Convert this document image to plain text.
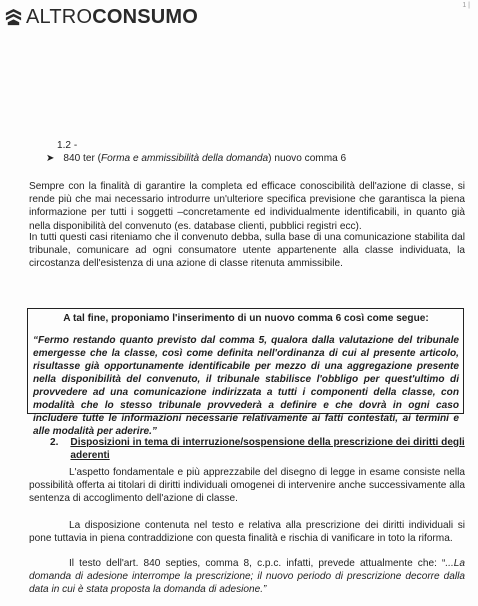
ALTROCONSUMO
1 |
1.2 -
➤ 840 ter (Forma e ammissibilità della domanda) nuovo comma 6
Sempre con la finalità di garantire la completa ed efficace conoscibilità dell'azione di classe, si rende più che mai necessario introdurre un'ulteriore specifica previsione che garantisca la piena informazione per tutti i soggetti –concretamente ed individualmente identificabili, in quanto già nella disponibilità del convenuto (es. database clienti, pubblici registri ecc).
In tutti questi casi riteniamo che il convenuto debba, sulla base di una comunicazione stabilita dal tribunale, comunicare ad ogni consumatore utente appartenente alla classe individuata, la circostanza dell'esistenza di una azione di classe ritenuta ammissibile.
A tal fine, proponiamo l'inserimento di un nuovo comma 6 così come segue:
“Fermo restando quanto previsto dal comma 5, qualora dalla valutazione del tribunale emergesse che la classe, così come definita nell'ordinanza di cui al presente articolo, risultasse già opportunamente identificabile per mezzo di una aggregazione presente nella disponibilità del convenuto, il tribunale stabilisce l'obbligo per quest'ultimo di provvedere ad una comunicazione indirizzata a tutti i componenti della classe, con modalità che lo stesso tribunale provvederà a definire e che dovrà in ogni caso includere tutte le informazioni necessarie relativamente ai fatti contestati, ai termini e alle modalità per aderire.”
2. Disposizioni in tema di interruzione/sospensione della prescrizione dei diritti degli aderenti
L'aspetto fondamentale e più apprezzabile del disegno di legge in esame consiste nella possibilità offerta ai titolari di diritti individuali omogenei di intervenire anche successivamente alla sentenza di accoglimento dell'azione di classe.
La disposizione contenuta nel testo e relativa alla prescrizione dei diritti individuali si pone tuttavia in piena contraddizione con questa finalità e rischia di vanificare in toto la riforma.
Il testo dell'art. 840 septies, comma 8, c.p.c. infatti, prevede attualmente che: “...La domanda di adesione interrompe la prescrizione; il nuovo periodo di prescrizione decorre dalla data in cui è stata proposta la domanda di adesione.”
